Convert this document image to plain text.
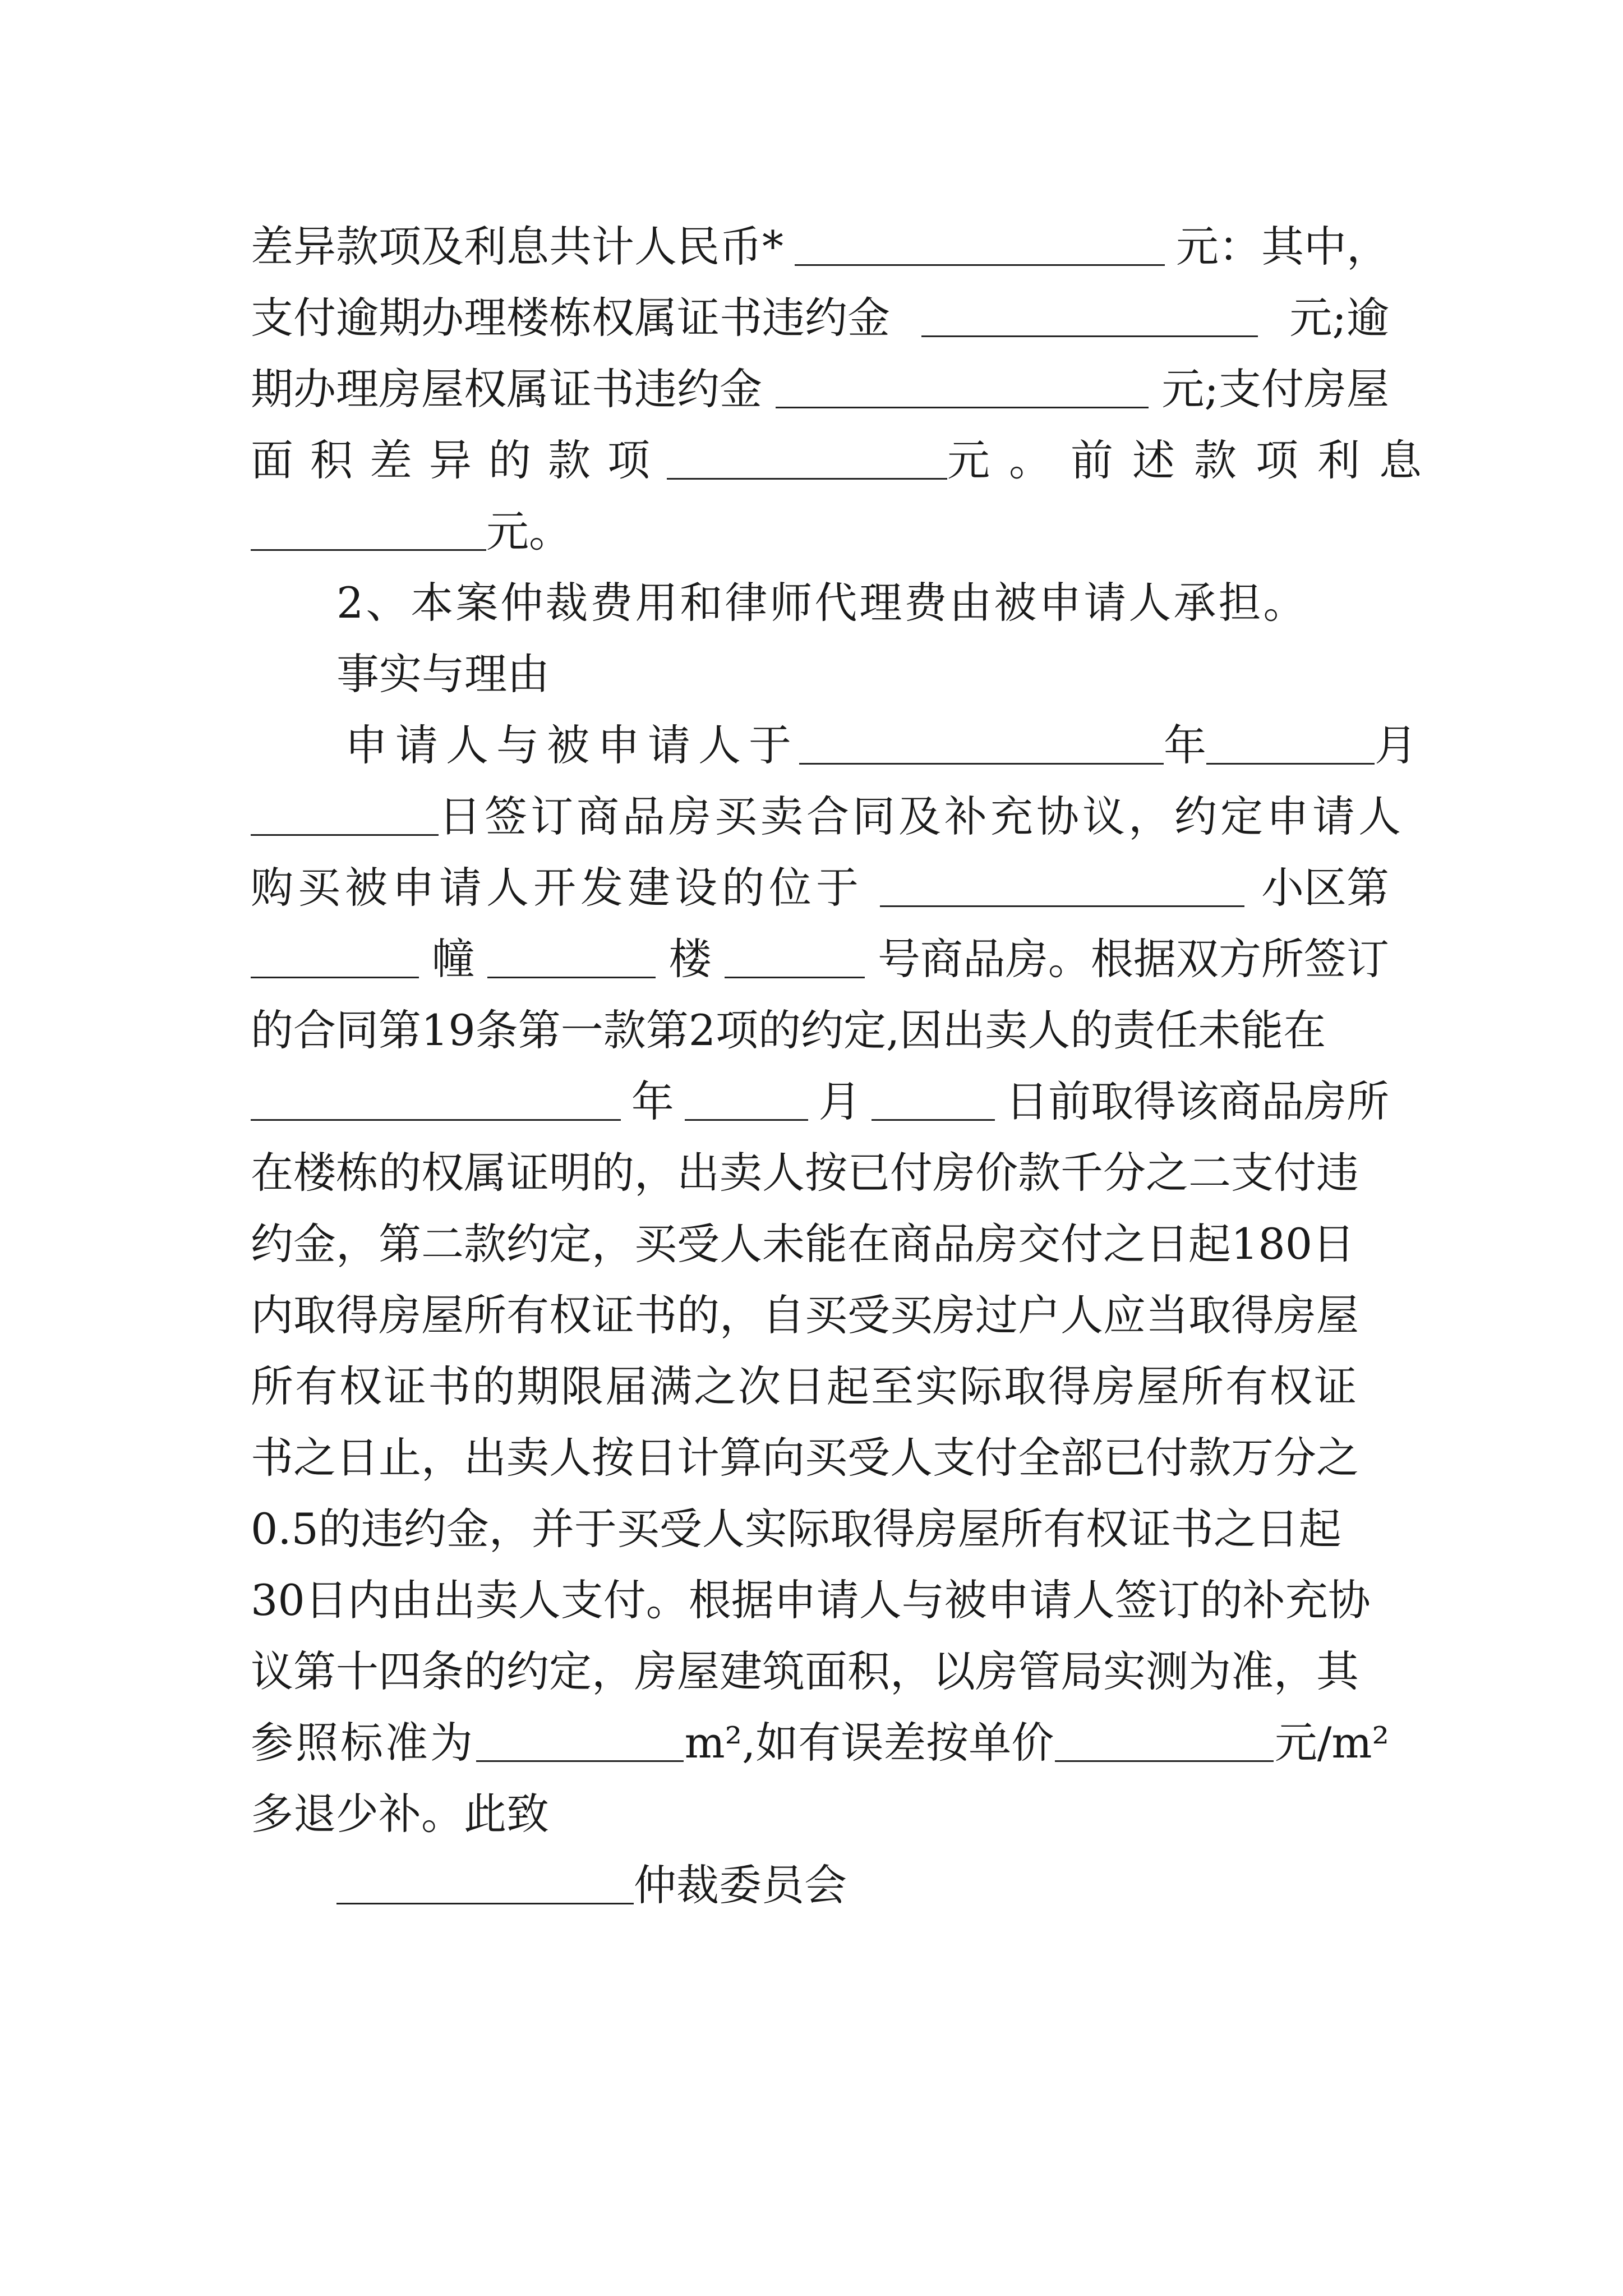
差异款项及利息共计人民币*	元：其中，
支付逾期办理楼栋权属证书违约金	元;逾
期办理房屋权属证书违约金	元;支付房屋
面积差异的款项	元。前述款项利息
元。
2、本案仲裁费用和律师代理费由被申请人承担。
事实与理由
申请人与被申请人于	年	月
日签订商品房买卖合同及补充协议，约定申请人
购买被申请人开发建设的位于	小区第
幢	楼	号商品房。根据双方所签订
的合同第19条第一款第2项的约定,因出卖人的责任未能在
年	月	日前取得该商品房所
在楼栋的权属证明的，出卖人按已付房价款千分之二支付违
约金，第二款约定，买受人未能在商品房交付之日起180日
内取得房屋所有权证书的，自买受买房过户人应当取得房屋
所有权证书的期限届满之次日起至实际取得房屋所有权证
书之日止，出卖人按日计算向买受人支付全部已付款万分之
0.5的违约金，并于买受人实际取得房屋所有权证书之日起
30日内由出卖人支付。根据申请人与被申请人签订的补充协
议第十四条的约定，房屋建筑面积，以房管局实测为准，其
参照标准为	m²,如有误差按单价	元/m²
多退少补。此致
仲裁委员会
